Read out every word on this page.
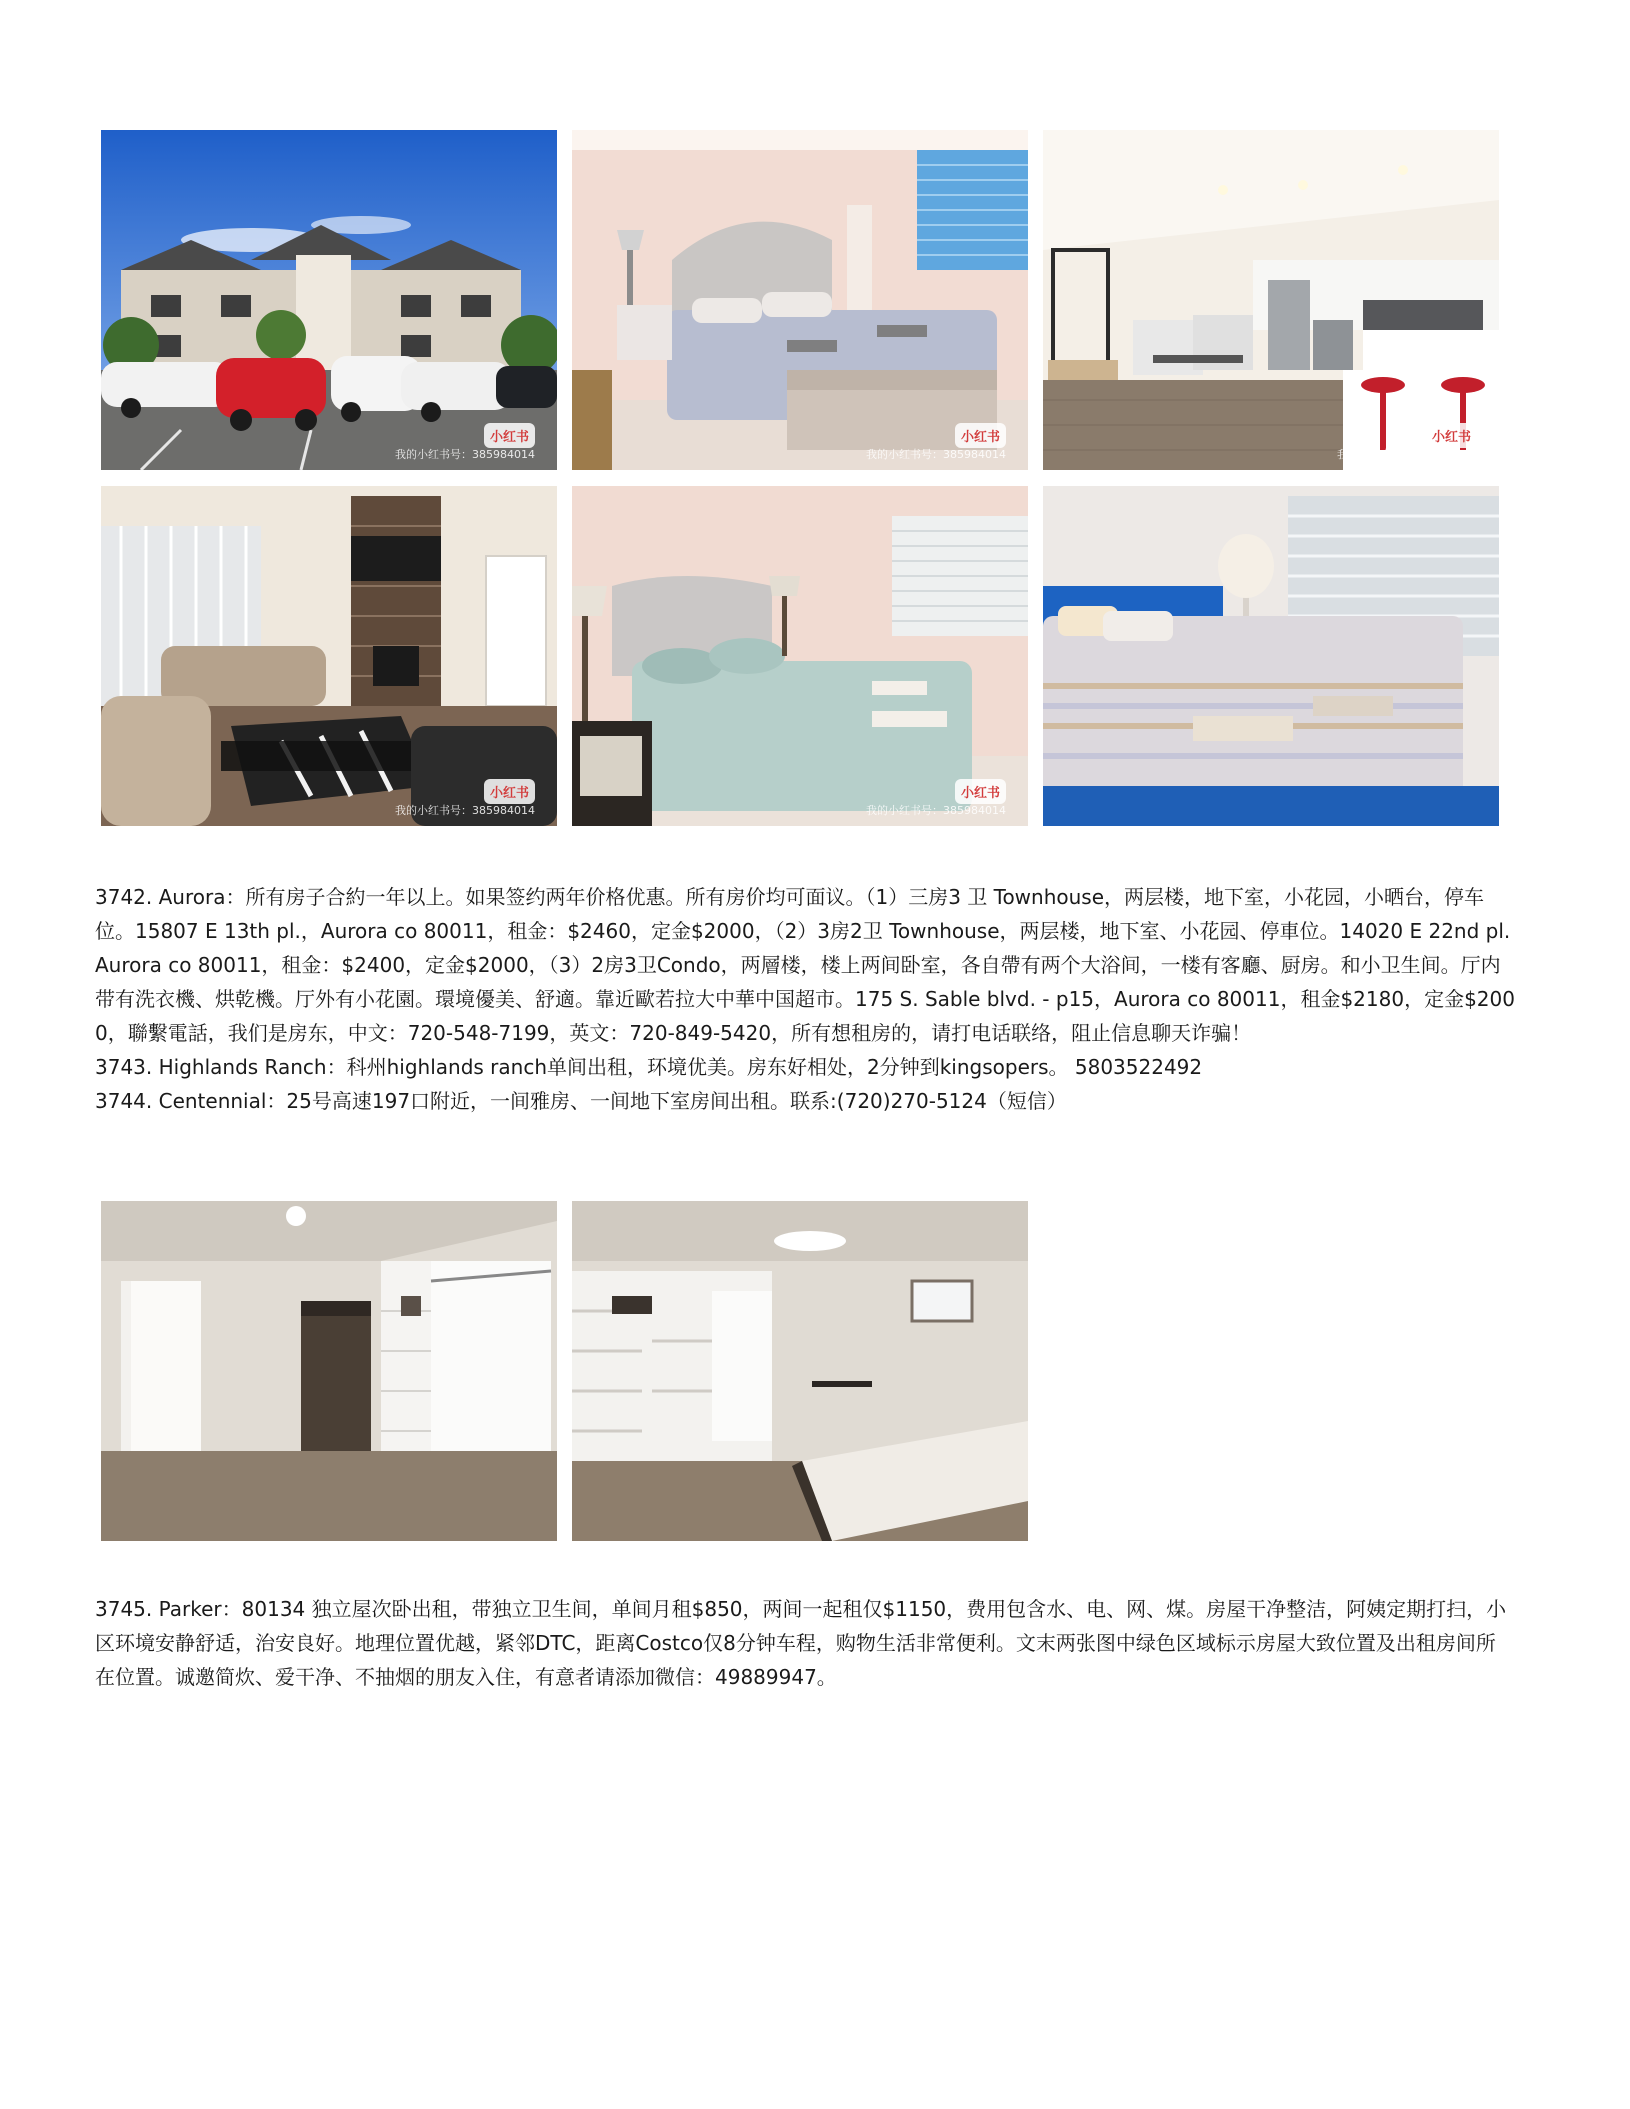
小红书
我的小红书号：385984014
小红书
我的小红书号：385984014
小红书
我的小红书号：385984014
小红书
我的小红书号：385984014
小红书
我的小红书号：385984014

3742. Aurora：所有房子合約一年以上。如果签约两年价格优惠。所有房价均可面议。（1）三房3 卫 Townhouse，两层楼，地下室，小花园，小晒台，停车位。15807 E 13th pl.，Aurora co 80011，租金：$2460，定金$2000，（2）3房2卫 Townhouse，两层楼，地下室、小花园、停車位。14020 E 22nd pl. Aurora co 80011，租金：$2400，定金$2000，（3）2房3卫Condo，两層楼，楼上两间卧室，各自帶有两个大浴间，一楼有客廳、厨房。和小卫生间。厅内带有洗衣機、烘乾機。厅外有小花園。環境優美、舒適。靠近歐若拉大中華中国超市。175 S. Sable blvd. - p15，Aurora co 80011，租金$2180，定金$2000，聯繫電話，我们是房东，中文：720-548-7199，英文：720-849-5420，所有想租房的，请打电话联络，阻止信息聊天诈骗！

3743. Highlands Ranch：科州highlands ranch单间出租，环境优美。房东好相处，2分钟到kingsopers。 5803522492

3744. Centennial：25号高速197口附近，一间雅房、一间地下室房间出租。联系:(720)270-5124（短信）

3745. Parker：80134 独立屋次卧出租，带独立卫生间，单间月租$850，两间一起租仅$1150，费用包含水、电、网、煤。房屋干净整洁，阿姨定期打扫，小区环境安静舒适，治安良好。地理位置优越，紧邻DTC，距离Costco仅8分钟车程，购物生活非常便利。文末两张图中绿色区域标示房屋大致位置及出租房间所在位置。诚邀简炊、爱干净、不抽烟的朋友入住，有意者请添加微信：49889947。
